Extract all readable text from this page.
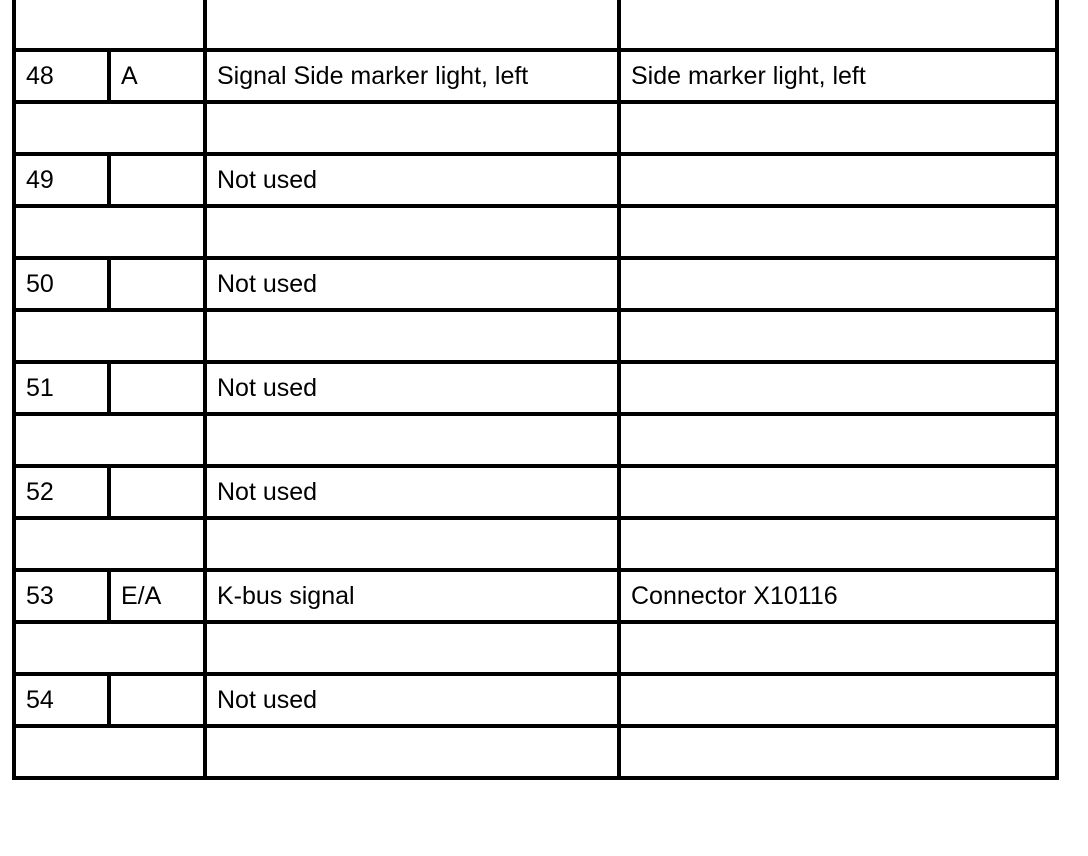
48	A	Signal Side marker light, left	Side marker light, left

49		Not used	

50		Not used	

51		Not used	

52		Not used	

53	E/A	K-bus signal	Connector X10116

54		Not used	
